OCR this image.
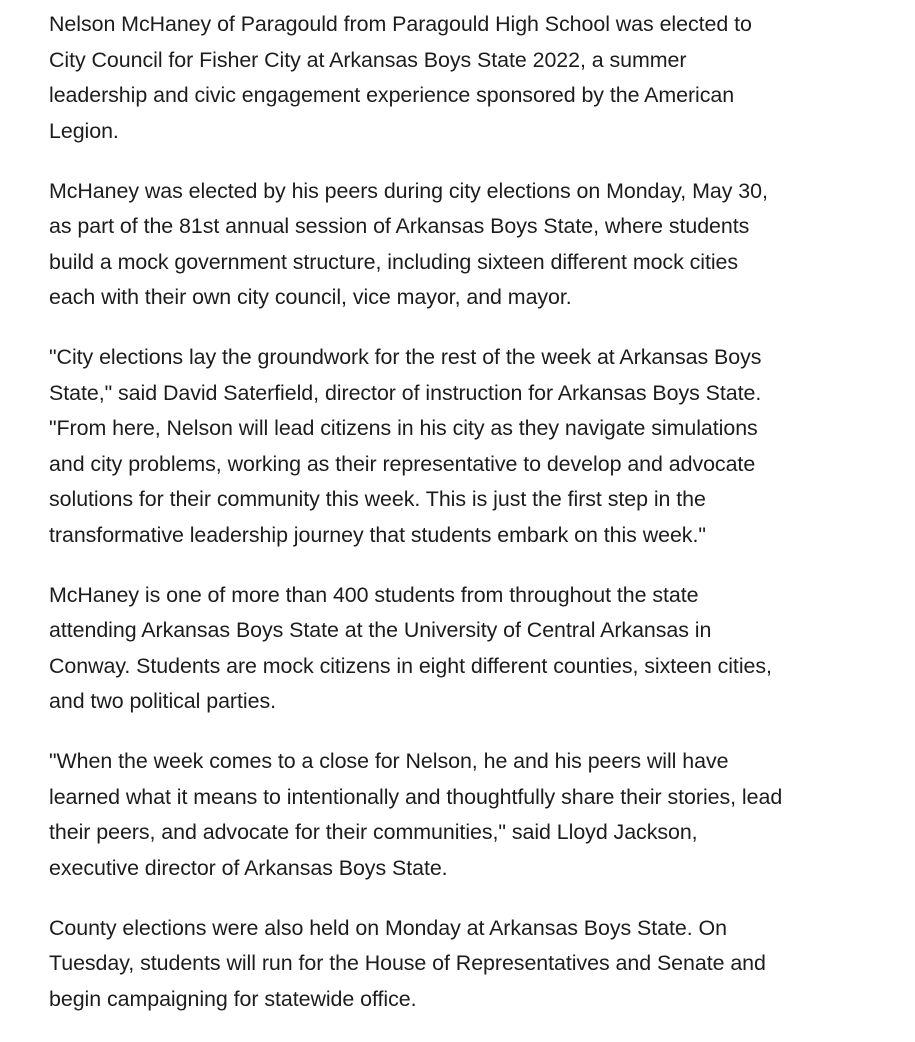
Nelson McHaney of Paragould from Paragould High School was elected to
City Council for Fisher City at Arkansas Boys State 2022, a summer
leadership and civic engagement experience sponsored by the American
Legion.

McHaney was elected by his peers during city elections on Monday, May 30,
as part of the 81st annual session of Arkansas Boys State, where students
build a mock government structure, including sixteen different mock cities
each with their own city council, vice mayor, and mayor.

"City elections lay the groundwork for the rest of the week at Arkansas Boys
State," said David Saterfield, director of instruction for Arkansas Boys State.
"From here, Nelson will lead citizens in his city as they navigate simulations
and city problems, working as their representative to develop and advocate
solutions for their community this week. This is just the first step in the
transformative leadership journey that students embark on this week."

McHaney is one of more than 400 students from throughout the state
attending Arkansas Boys State at the University of Central Arkansas in
Conway. Students are mock citizens in eight different counties, sixteen cities,
and two political parties.

"When the week comes to a close for Nelson, he and his peers will have
learned what it means to intentionally and thoughtfully share their stories, lead
their peers, and advocate for their communities," said Lloyd Jackson,
executive director of Arkansas Boys State.

County elections were also held on Monday at Arkansas Boys State. On
Tuesday, students will run for the House of Representatives and Senate and
begin campaigning for statewide office.
